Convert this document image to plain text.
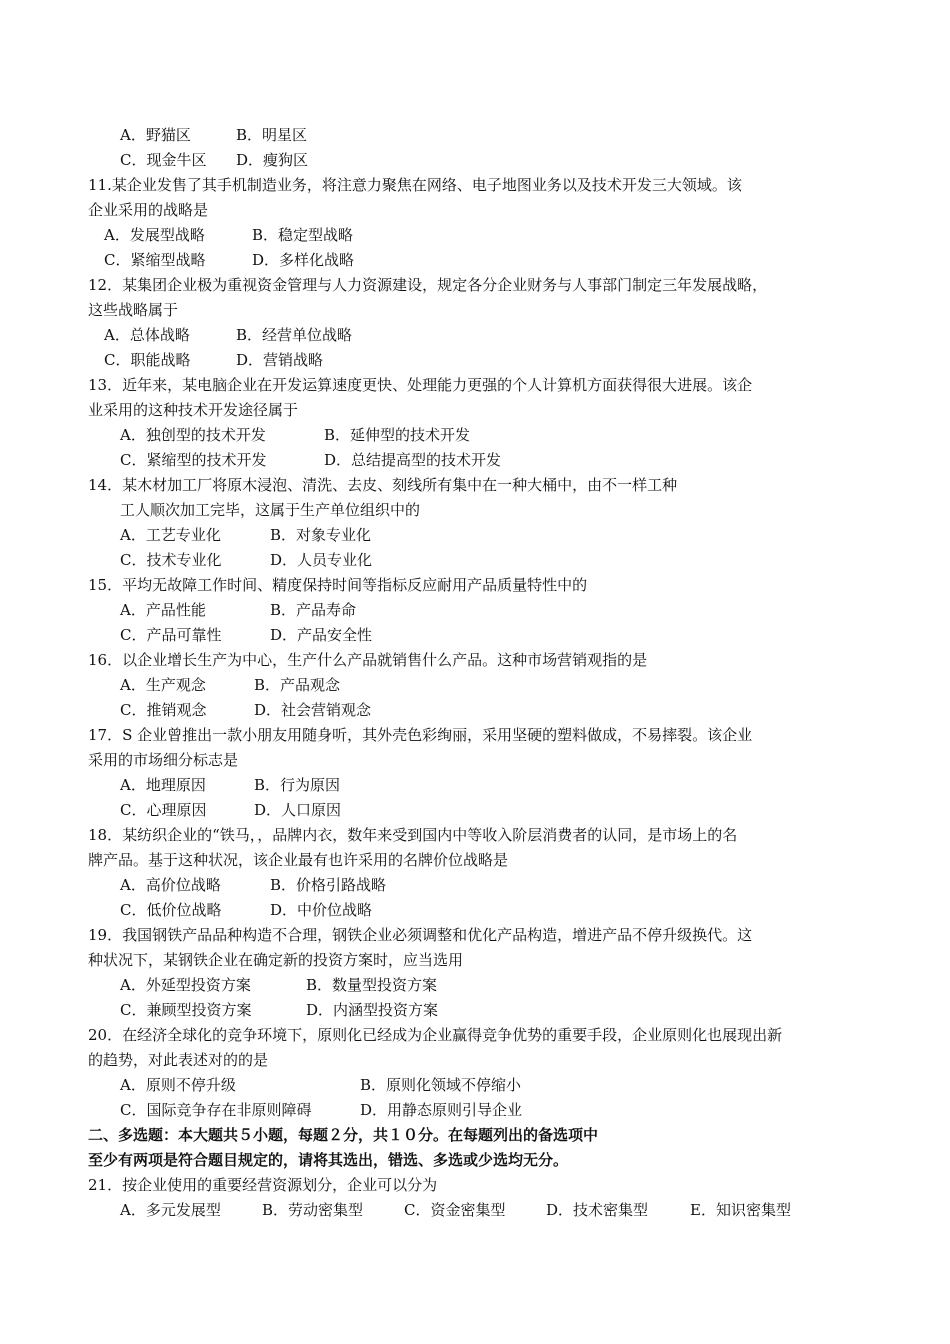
A．野猫区	B．明星区
C．现金牛区 D．瘦狗区
11.某企业发售了其手机制造业务，将注意力聚焦在网络、电子地图业务以及技术开发三大领域。该
企业采用的战略是
A．发展型战略	B．稳定型战略
C．紧缩型战略	D．多样化战略
12．某集团企业极为重视资金管理与人力资源建设，规定各分企业财务与人事部门制定三年发展战略，
这些战略属于
A．总体战略	B．经营单位战略
C．职能战略	D．营销战略
13．近年来，某电脑企业在开发运算速度更快、处理能力更强的个人计算机方面获得很大进展。该企
业采用的这种技术开发途径属于
A．独创型的技术开发	B．延伸型的技术开发
C．紧缩型的技术开发	D．总结提高型的技术开发
14．某木材加工厂将原木浸泡、清洗、去皮、刻线所有集中在一种大桶中，由不一样工种
工人顺次加工完毕，这属于生产单位组织中的
A．工艺专业化	B．对象专业化
C．技术专业化	D．人员专业化
15．平均无故障工作时间、精度保持时间等指标反应耐用产品质量特性中的
A．产品性能	B．产品寿命
C．产品可靠性	D．产品安全性
16．以企业增长生产为中心，生产什么产品就销售什么产品。这种市场营销观指的是
A．生产观念	B．产品观念
C．推销观念	D．社会营销观念
17．S 企业曾推出一款小朋友用随身听，其外壳色彩绚丽，采用坚硬的塑料做成，不易摔裂。该企业
采用的市场细分标志是
A．地理原因	B．行为原因
C．心理原因	D．人口原因
18．某纺织企业的“铁马，，品牌内衣，数年来受到国内中等收入阶层消费者的认同，是市场上的名
牌产品。基于这种状况，该企业最有也许采用的名牌价位战略是
A．高价位战略	B．价格引路战略
C．低价位战略	D．中价位战略
19．我国钢铁产品品种构造不合理，钢铁企业必须调整和优化产品构造，增进产品不停升级换代。这
种状况下，某钢铁企业在确定新的投资方案时，应当选用
A．外延型投资方案	B．数量型投资方案
C．兼顾型投资方案	D．内涵型投资方案
20．在经济全球化的竞争环境下，原则化已经成为企业赢得竞争优势的重要手段，企业原则化也展现出新
的趋势，对此表述对的的是
A．原则不停升级	B．原则化领域不停缩小
C．国际竞争存在非原则障碍	D．用静态原则引导企业
二、多选题：本大题共５小题，每题２分，共１０分。在每题列出的备选项中
至少有两项是符合题目规定的，请将其选出，错选、多选或少选均无分。
21．按企业使用的重要经营资源划分，企业可以分为
A．多元发展型	B．劳动密集型	C．资金密集型	D．技术密集型	E．知识密集型
